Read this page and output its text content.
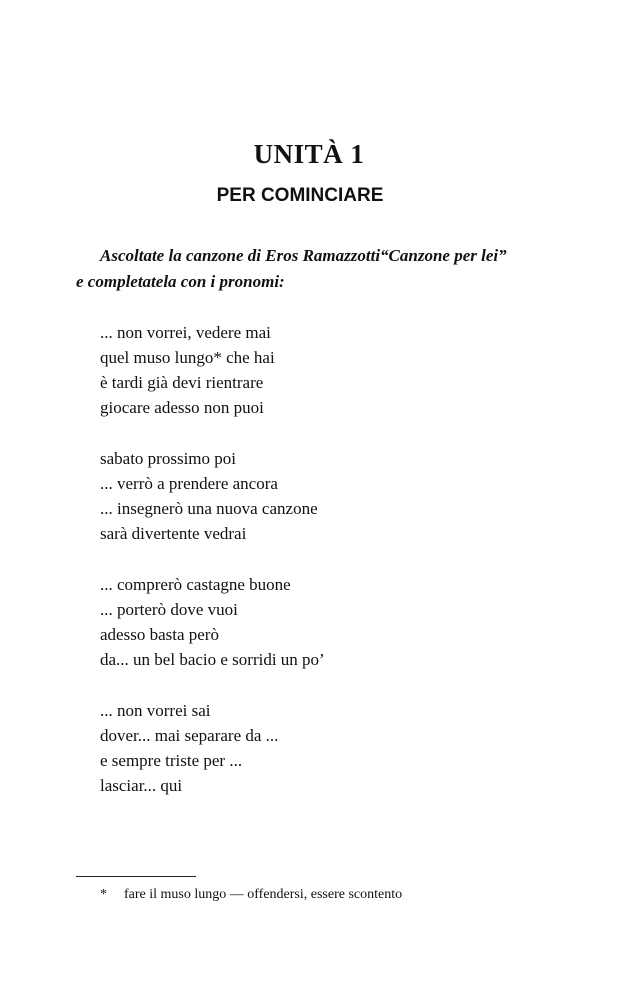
UNITÀ 1
PER COMINCIARE
Ascoltate la canzone di Eros Ramazzotti“Canzone per lei”
e completatela con i pronomi:
... non vorrei, vedere mai
quel muso lungo* che hai
è tardi già devi rientrare
giocare adesso non puoi
sabato prossimo poi
... verrò a prendere ancora
... insegnerò una nuova canzone
sarà divertente vedrai
... comprerò castagne buone
... porterò dove vuoi
adesso basta però
da... un bel bacio e sorridi un po’
... non vorrei sai
dover... mai separare da ...
e sempre triste per ...
lasciar... qui
* fare il muso lungo — offendersi, essere scontento
